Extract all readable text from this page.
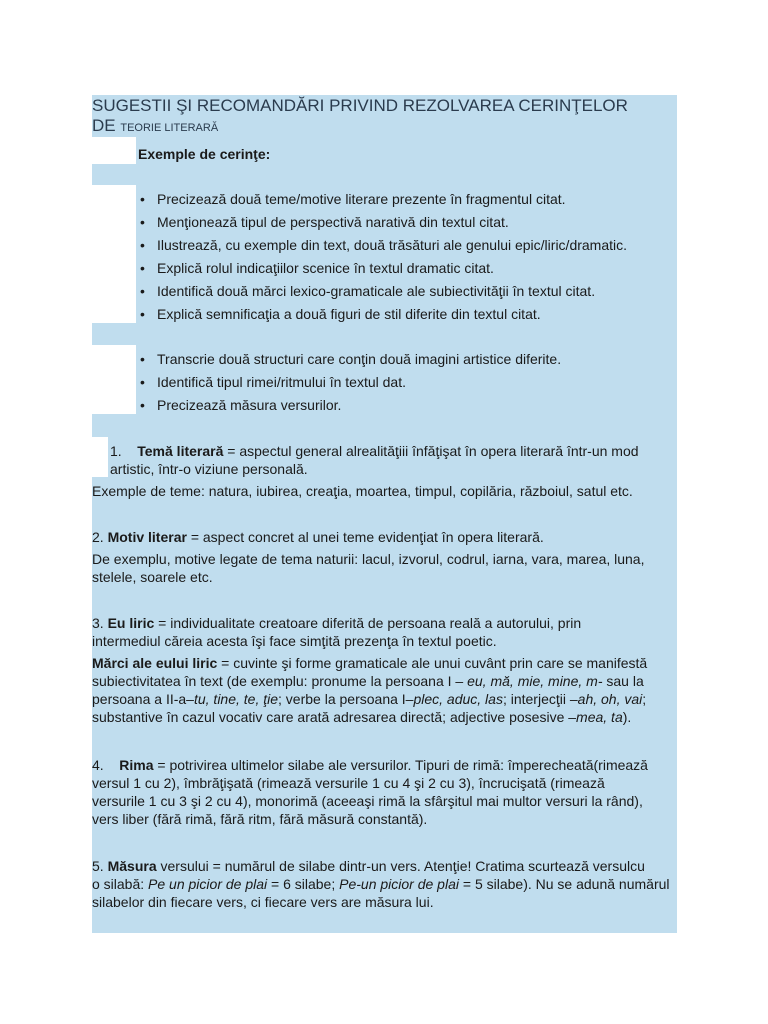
SUGESTII ŞI RECOMANDĂRI PRIVIND REZOLVAREA CERINŢELOR
DE TEORIE LITERARĂ
Exemple de cerinţe:
• Precizează două teme/motive literare prezente în fragmentul citat.
• Menţionează tipul de perspectivă narativă din textul citat.
• Ilustrează, cu exemple din text, două trăsături ale genului epic/liric/dramatic.
• Explică rolul indicaţiilor scenice în textul dramatic citat.
• Identifică două mărci lexico-gramaticale ale subiectivităţii în textul citat.
• Explică semnificaţia a două figuri de stil diferite din textul citat.
• Transcrie două structuri care conţin două imagini artistice diferite.
• Identifică tipul rimei/ritmului în textul dat.
• Precizează măsura versurilor.

1. Temă literară = aspectul general alrealităţiii înfăţişat în opera literară într-un mod

artistic, într-o viziune personală.

Exemple de teme: natura, iubirea, creaţia, moartea, timpul, copilăria, războiul, satul etc.

2. Motiv literar = aspect concret al unei teme evidenţiat în opera literară.

De exemplu, motive legate de tema naturii: lacul, izvorul, codrul, iarna, vara, marea, luna,

stelele, soarele etc.

3. Eu liric = individualitate creatoare diferită de persoana reală a autorului, prin

intermediul căreia acesta îşi face simţită prezenţa în textul poetic.

Mărci ale eului liric = cuvinte şi forme gramaticale ale unui cuvânt prin care se manifestă

subiectivitatea în text (de exemplu: pronume la persoana I – eu, mă, mie, mine, m- sau la

persoana a II-a–tu, tine, te, ţie; verbe la persoana I–plec, aduc, las; interjecţii –ah, oh, vai;

substantive în cazul vocativ care arată adresarea directă; adjective posesive –mea, ta).

4. Rima = potrivirea ultimelor silabe ale versurilor. Tipuri de rimă: împerecheată(rimează

versul 1 cu 2), îmbrăţişată (rimează versurile 1 cu 4 şi 2 cu 3), încrucişată (rimează

versurile 1 cu 3 şi 2 cu 4), monorimă (aceeaşi rimă la sfârşitul mai multor versuri la rând),

vers liber (fără rimă, fără ritm, fără măsură constantă).

5. Măsura versului = numărul de silabe dintr-un vers. Atenţie! Cratima scurtează versulcu

o silabă: Pe un picior de plai = 6 silabe; Pe-un picior de plai = 5 silabe). Nu se adună numărul

silabelor din fiecare vers, ci fiecare vers are măsura lui.
